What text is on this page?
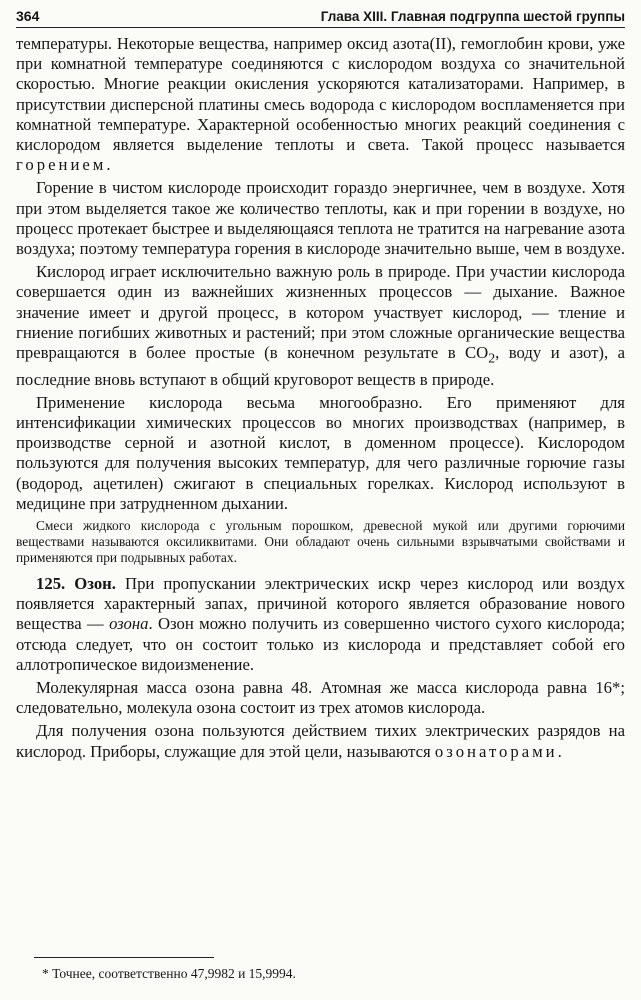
364	Глава XIII. Главная подгруппа шестой группы

температуры. Некоторые вещества, например оксид азота(II), гемоглобин крови, уже при комнатной температуре соединяются с кислородом воздуха со значительной скоростью. Многие реакции окисления ускоряются катализаторами. Например, в присутствии дисперсной платины смесь водорода с кислородом воспламеняется при комнатной температуре. Характерной особенностью многих реакций соединения с кислородом является выделение теплоты и света. Такой процесс называется горением.

Горение в чистом кислороде происходит гораздо энергичнее, чем в воздухе. Хотя при этом выделяется такое же количество теплоты, как и при горении в воздухе, но процесс протекает быстрее и выделяющаяся теплота не тратится на нагревание азота воздуха; поэтому температура горения в кислороде значительно выше, чем в воздухе.

Кислород играет исключительно важную роль в природе. При участии кислорода совершается один из важнейших жизненных процессов — дыхание. Важное значение имеет и другой процесс, в котором участвует кислород, — тление и гниение погибших животных и растений; при этом сложные органические вещества превращаются в более простые (в конечном результате в $CO_2$, воду и азот), а последние вновь вступают в общий круговорот веществ в природе.

Применение кислорода весьма многообразно. Его применяют для интенсификации химических процессов во многих производствах (например, в производстве серной и азотной кислот, в доменном процессе). Кислородом пользуются для получения высоких температур, для чего различные горючие газы (водород, ацетилен) сжигают в специальных горелках. Кислород используют в медицине при затрудненном дыхании.

Смеси жидкого кислорода с угольным порошком, древесной мукой или другими горючими веществами называются оксиликвитами. Они обладают очень сильными взрывчатыми свойствами и применяются при подрывных работах.

125. Озон. При пропускании электрических искр через кислород или воздух появляется характерный запах, причиной которого является образование нового вещества — озона. Озон можно получить из совершенно чистого сухого кислорода; отсюда следует, что он состоит только из кислорода и представляет собой его аллотропическое видоизменение.

Молекулярная масса озона равна 48. Атомная же масса кислорода равна 16*; следовательно, молекула озона состоит из трех атомов кислорода.

Для получения озона пользуются действием тихих электрических разрядов на кислород. Приборы, служащие для этой цели, называются озонаторами.

* Точнее, соответственно 47,9982 и 15,9994.
